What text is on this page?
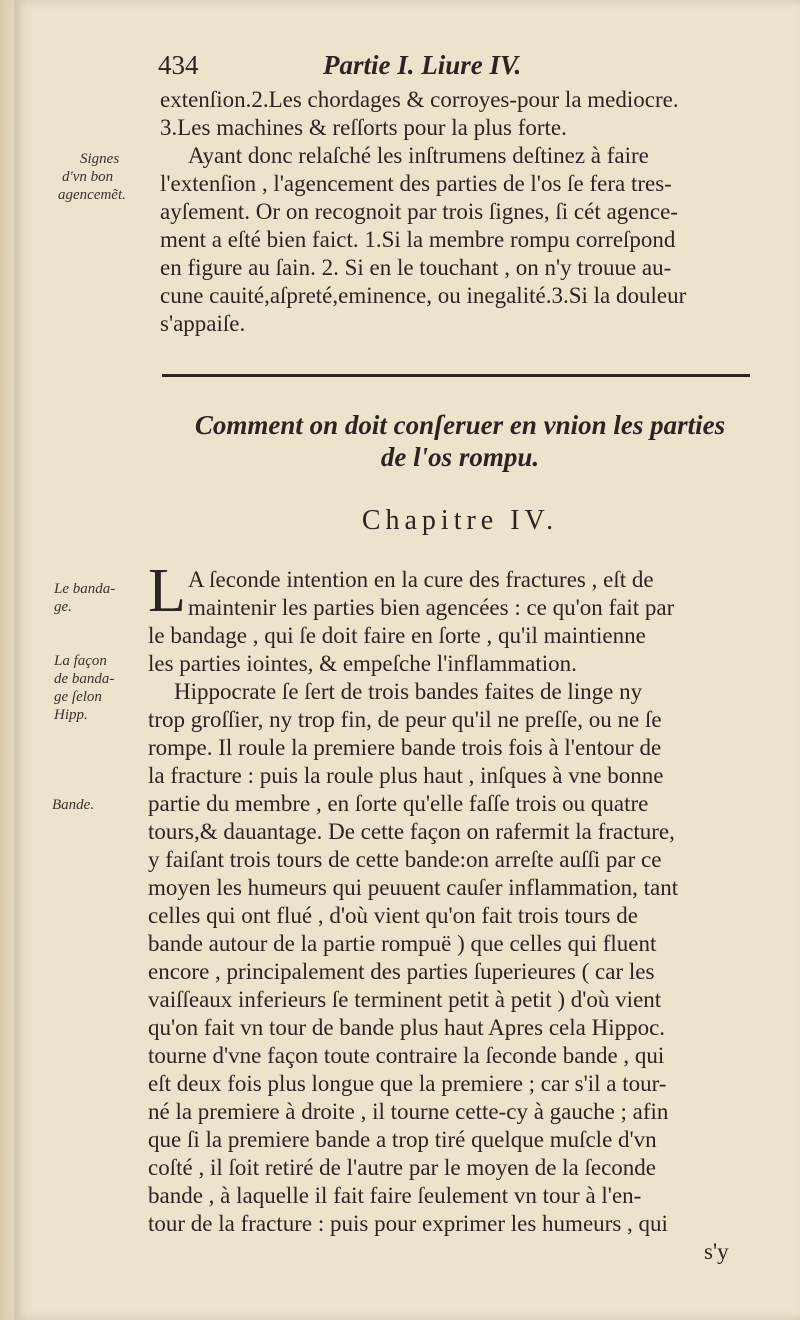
434	Partie I. Liure IV.
extenſion.2.Les chordages & corroyes-pour la mediocre.
3.Les machines & reſſorts pour la plus forte.
Ayant donc relaſché les inſtrumens deſtinez à faire
l'extenſion , l'agencement des parties de l'os ſe fera tres-
ayſement. Or on recognoit par trois ſignes, ſi cét agence-
ment a eſté bien faict. 1.Si la membre rompu correſpond
en figure au ſain. 2. Si en le touchant , on n'y trouue au-
cune cauité,aſpreté,eminence, ou inegalité.3.Si la douleur
s'appaiſe.
Signes
d'vn bon
agencemẽt.
Comment on doit conſeruer en vnion les parties
de l'os rompu.
Chapitre IV.
L A ſeconde intention en la cure des fractures , eſt de
maintenir les parties bien agencées : ce qu'on fait par
le bandage , qui ſe doit faire en ſorte , qu'il maintienne
les parties iointes, & empeſche l'inflammation.
Hippocrate ſe ſert de trois bandes faites de linge ny
trop groſſier, ny trop fin, de peur qu'il ne preſſe, ou ne ſe
rompe. Il roule la premiere bande trois fois à l'entour de
la fracture : puis la roule plus haut , inſques à vne bonne
partie du membre , en ſorte qu'elle faſſe trois ou quatre
tours,& dauantage. De cette façon on rafermit la fracture,
y faiſant trois tours de cette bande:on arreſte auſſi par ce
moyen les humeurs qui peuuent cauſer inflammation, tant
celles qui ont flué , d'où vient qu'on fait trois tours de
bande autour de la partie rompuë ) que celles qui fluent
encore , principalement des parties ſuperieures ( car les
vaiſſeaux inferieurs ſe terminent petit à petit ) d'où vient
qu'on fait vn tour de bande plus haut Apres cela Hippoc.
tourne d'vne façon toute contraire la ſeconde bande , qui
eſt deux fois plus longue que la premiere ; car s'il a tour-
né la premiere à droite , il tourne cette-cy à gauche ; afin
que ſi la premiere bande a trop tiré quelque muſcle d'vn
coſté , il ſoit retiré de l'autre par le moyen de la ſeconde
bande , à laquelle il fait faire ſeulement vn tour à l'en-
tour de la fracture : puis pour exprimer les humeurs , qui
s'y
Le banda-
ge.
La façon
de banda-
ge ſelon
Hipp.
Bande.
